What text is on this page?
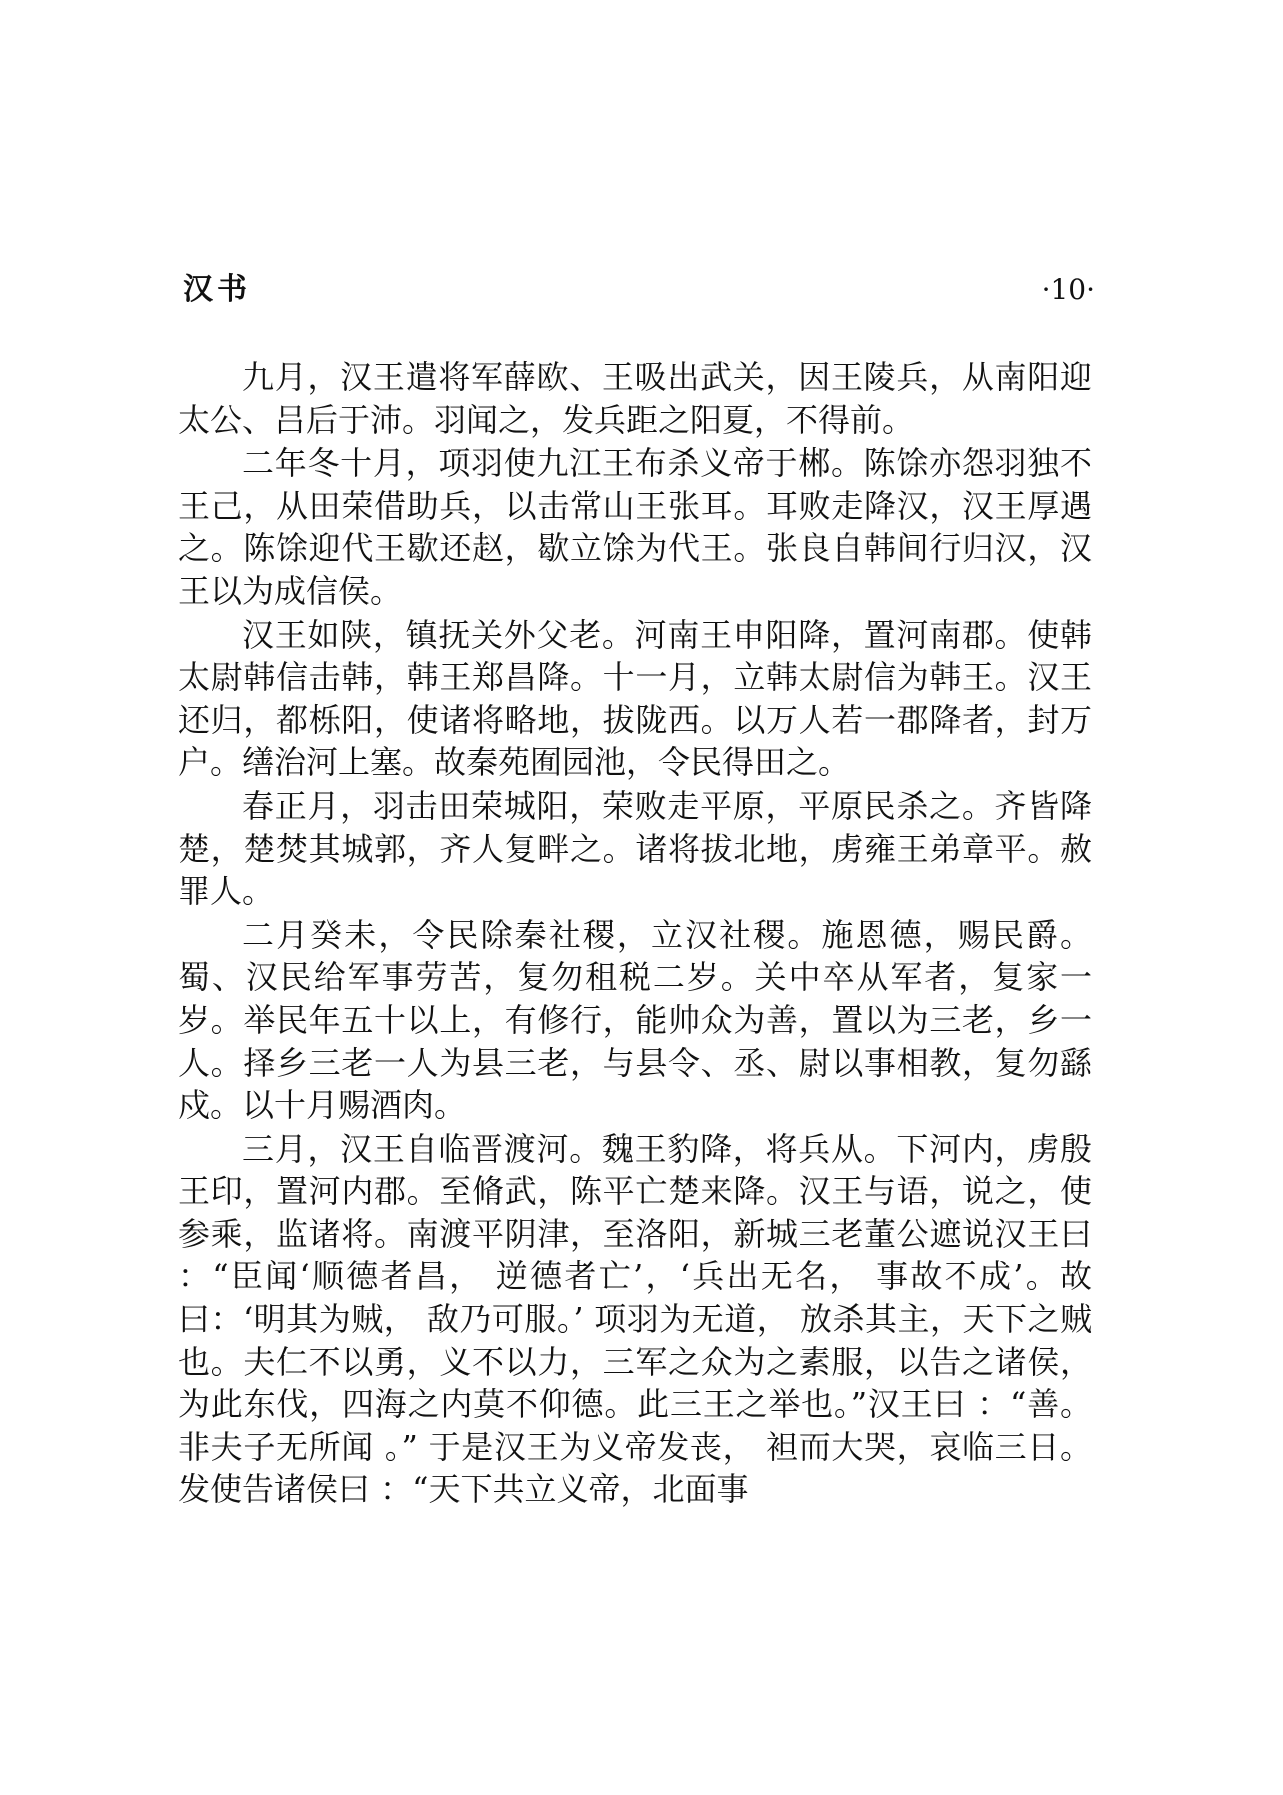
汉书	·10·

九月，汉王遣将军薛欧、王吸出武关，因王陵兵，从南阳迎太公、吕后于沛。羽闻之，发兵距之阳夏，不得前。

二年冬十月，项羽使九江王布杀义帝于郴。陈馀亦怨羽独不王己，从田荣借助兵，以击常山王张耳。耳败走降汉，汉王厚遇之。陈馀迎代王歇还赵，歇立馀为代王。张良自韩间行归汉，汉王以为成信侯。

汉王如陕，镇抚关外父老。河南王申阳降，置河南郡。使韩太尉韩信击韩，韩王郑昌降。十一月，立韩太尉信为韩王。汉王还归，都栎阳，使诸将略地，拔陇西。以万人若一郡降者，封万户。缮治河上塞。故秦苑囿园池，令民得田之。

春正月，羽击田荣城阳，荣败走平原，平原民杀之。齐皆降楚，楚焚其城郭，齐人复畔之。诸将拔北地，虏雍王弟章平。赦罪人。

二月癸未，令民除秦社稷，立汉社稷。施恩德，赐民爵。蜀、汉民给军事劳苦，复勿租税二岁。关中卒从军者，复家一岁。举民年五十以上，有修行，能帅众为善，置以为三老，乡一人。择乡三老一人为县三老，与县令、丞、尉以事相教，复勿繇戍。以十月赐酒肉。

三月，汉王自临晋渡河。魏王豹降，将兵从。下河内，虏殷王印，置河内郡。至脩武，陈平亡楚来降。汉王与语，说之，使参乘，监诸将。南渡平阴津，至洛阳，新城三老董公遮说汉王曰 ：“臣闻‘顺德者昌， 逆德者亡’，‘兵出无名， 事故不成’。故曰：‘明其为贼， 敌乃可服。’ 项羽为无道， 放杀其主，天下之贼也。夫仁不以勇，义不以力，三军之众为之素服，以告之诸侯，为此东伐，四海之内莫不仰德。此三王之举也。”汉王曰 ：“善。非夫子无所闻 。” 于是汉王为义帝发丧， 袒而大哭，哀临三日。发使告诸侯曰 ：“天下共立义帝，北面事
